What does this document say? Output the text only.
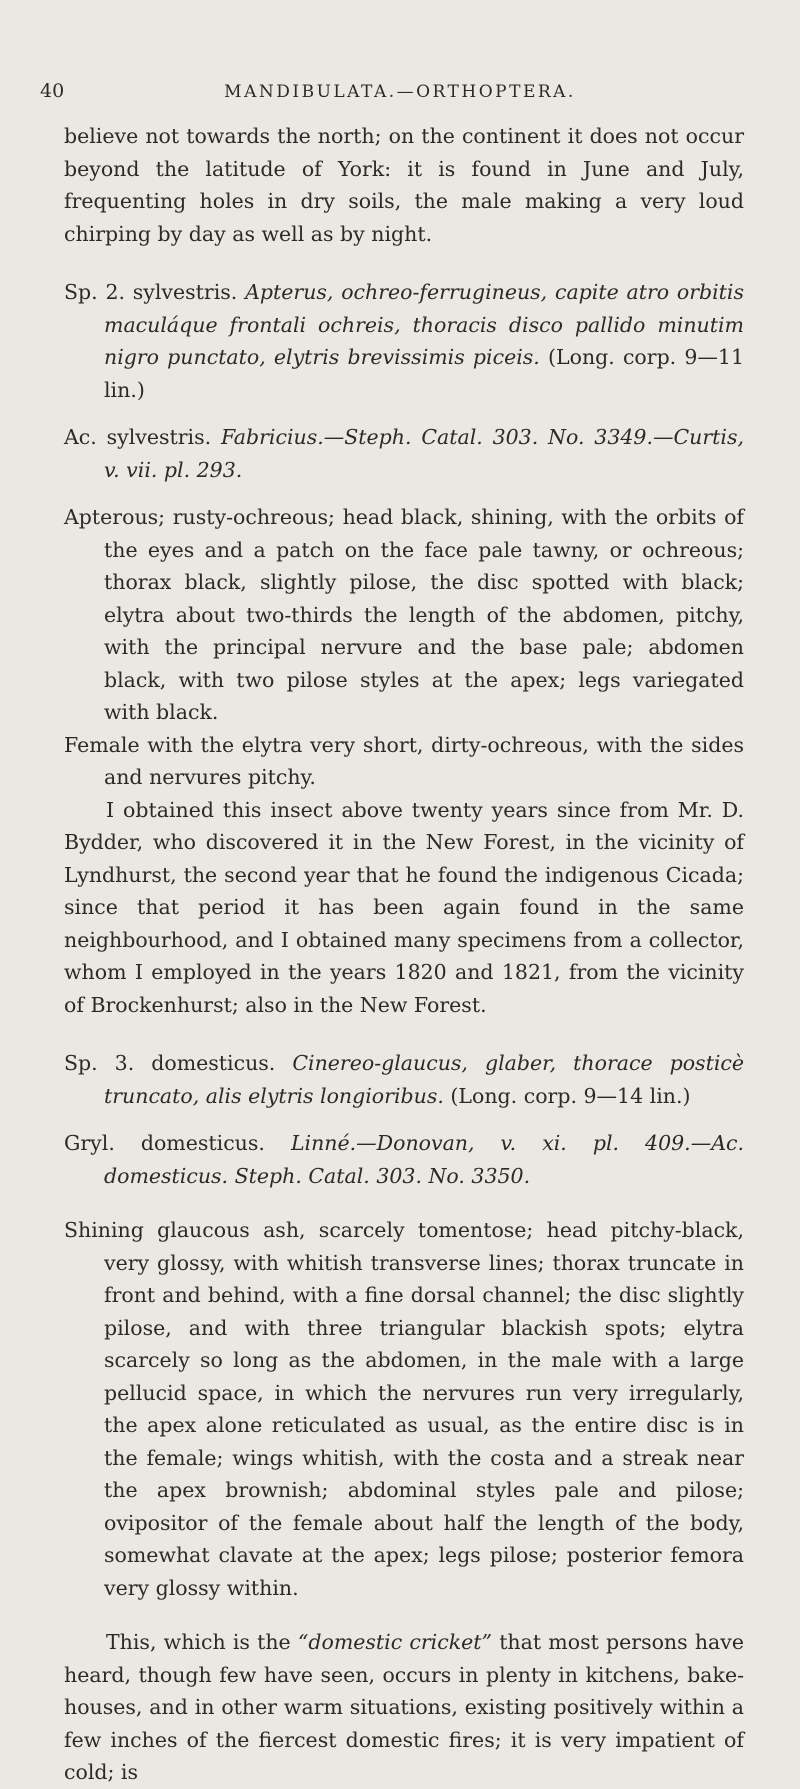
40	MANDIBULATA.—ORTHOPTERA.

believe not towards the north; on the continent it does not occur beyond the latitude of York: it is found in June and July, frequenting holes in dry soils, the male making a very loud chirping by day as well as by night.

Sp. 2. sylvestris. Apterus, ochreo-ferrugineus, capite atro orbitis maculáque frontali ochreis, thoracis disco pallido minutim nigro punctato, elytris brevissimis piceis. (Long. corp. 9—11 lin.)

Ac. sylvestris. Fabricius.—Steph. Catal. 303. No. 3349.—Curtis, v. vii. pl. 293.

Apterous; rusty-ochreous; head black, shining, with the orbits of the eyes and a patch on the face pale tawny, or ochreous; thorax black, slightly pilose, the disc spotted with black; elytra about two-thirds the length of the abdomen, pitchy, with the principal nervure and the base pale; abdomen black, with two pilose styles at the apex; legs variegated with black.

Female with the elytra very short, dirty-ochreous, with the sides and nervures pitchy.

I obtained this insect above twenty years since from Mr. D. Bydder, who discovered it in the New Forest, in the vicinity of Lyndhurst, the second year that he found the indigenous Cicada; since that period it has been again found in the same neighbourhood, and I obtained many specimens from a collector, whom I employed in the years 1820 and 1821, from the vicinity of Brockenhurst; also in the New Forest.

Sp. 3. domesticus. Cinereo-glaucus, glaber, thorace posticè truncato, alis elytris longioribus. (Long. corp. 9—14 lin.)

Gryl. domesticus. Linné.—Donovan, v. xi. pl. 409.—Ac. domesticus. Steph. Catal. 303. No. 3350.

Shining glaucous ash, scarcely tomentose; head pitchy-black, very glossy, with whitish transverse lines; thorax truncate in front and behind, with a fine dorsal channel; the disc slightly pilose, and with three triangular blackish spots; elytra scarcely so long as the abdomen, in the male with a large pellucid space, in which the nervures run very irregularly, the apex alone reticulated as usual, as the entire disc is in the female; wings whitish, with the costa and a streak near the apex brownish; abdominal styles pale and pilose; ovipositor of the female about half the length of the body, somewhat clavate at the apex; legs pilose; posterior femora very glossy within.

This, which is the “domestic cricket” that most persons have heard, though few have seen, occurs in plenty in kitchens, bake-houses, and in other warm situations, existing positively within a few inches of the fiercest domestic fires; it is very impatient of cold; is
